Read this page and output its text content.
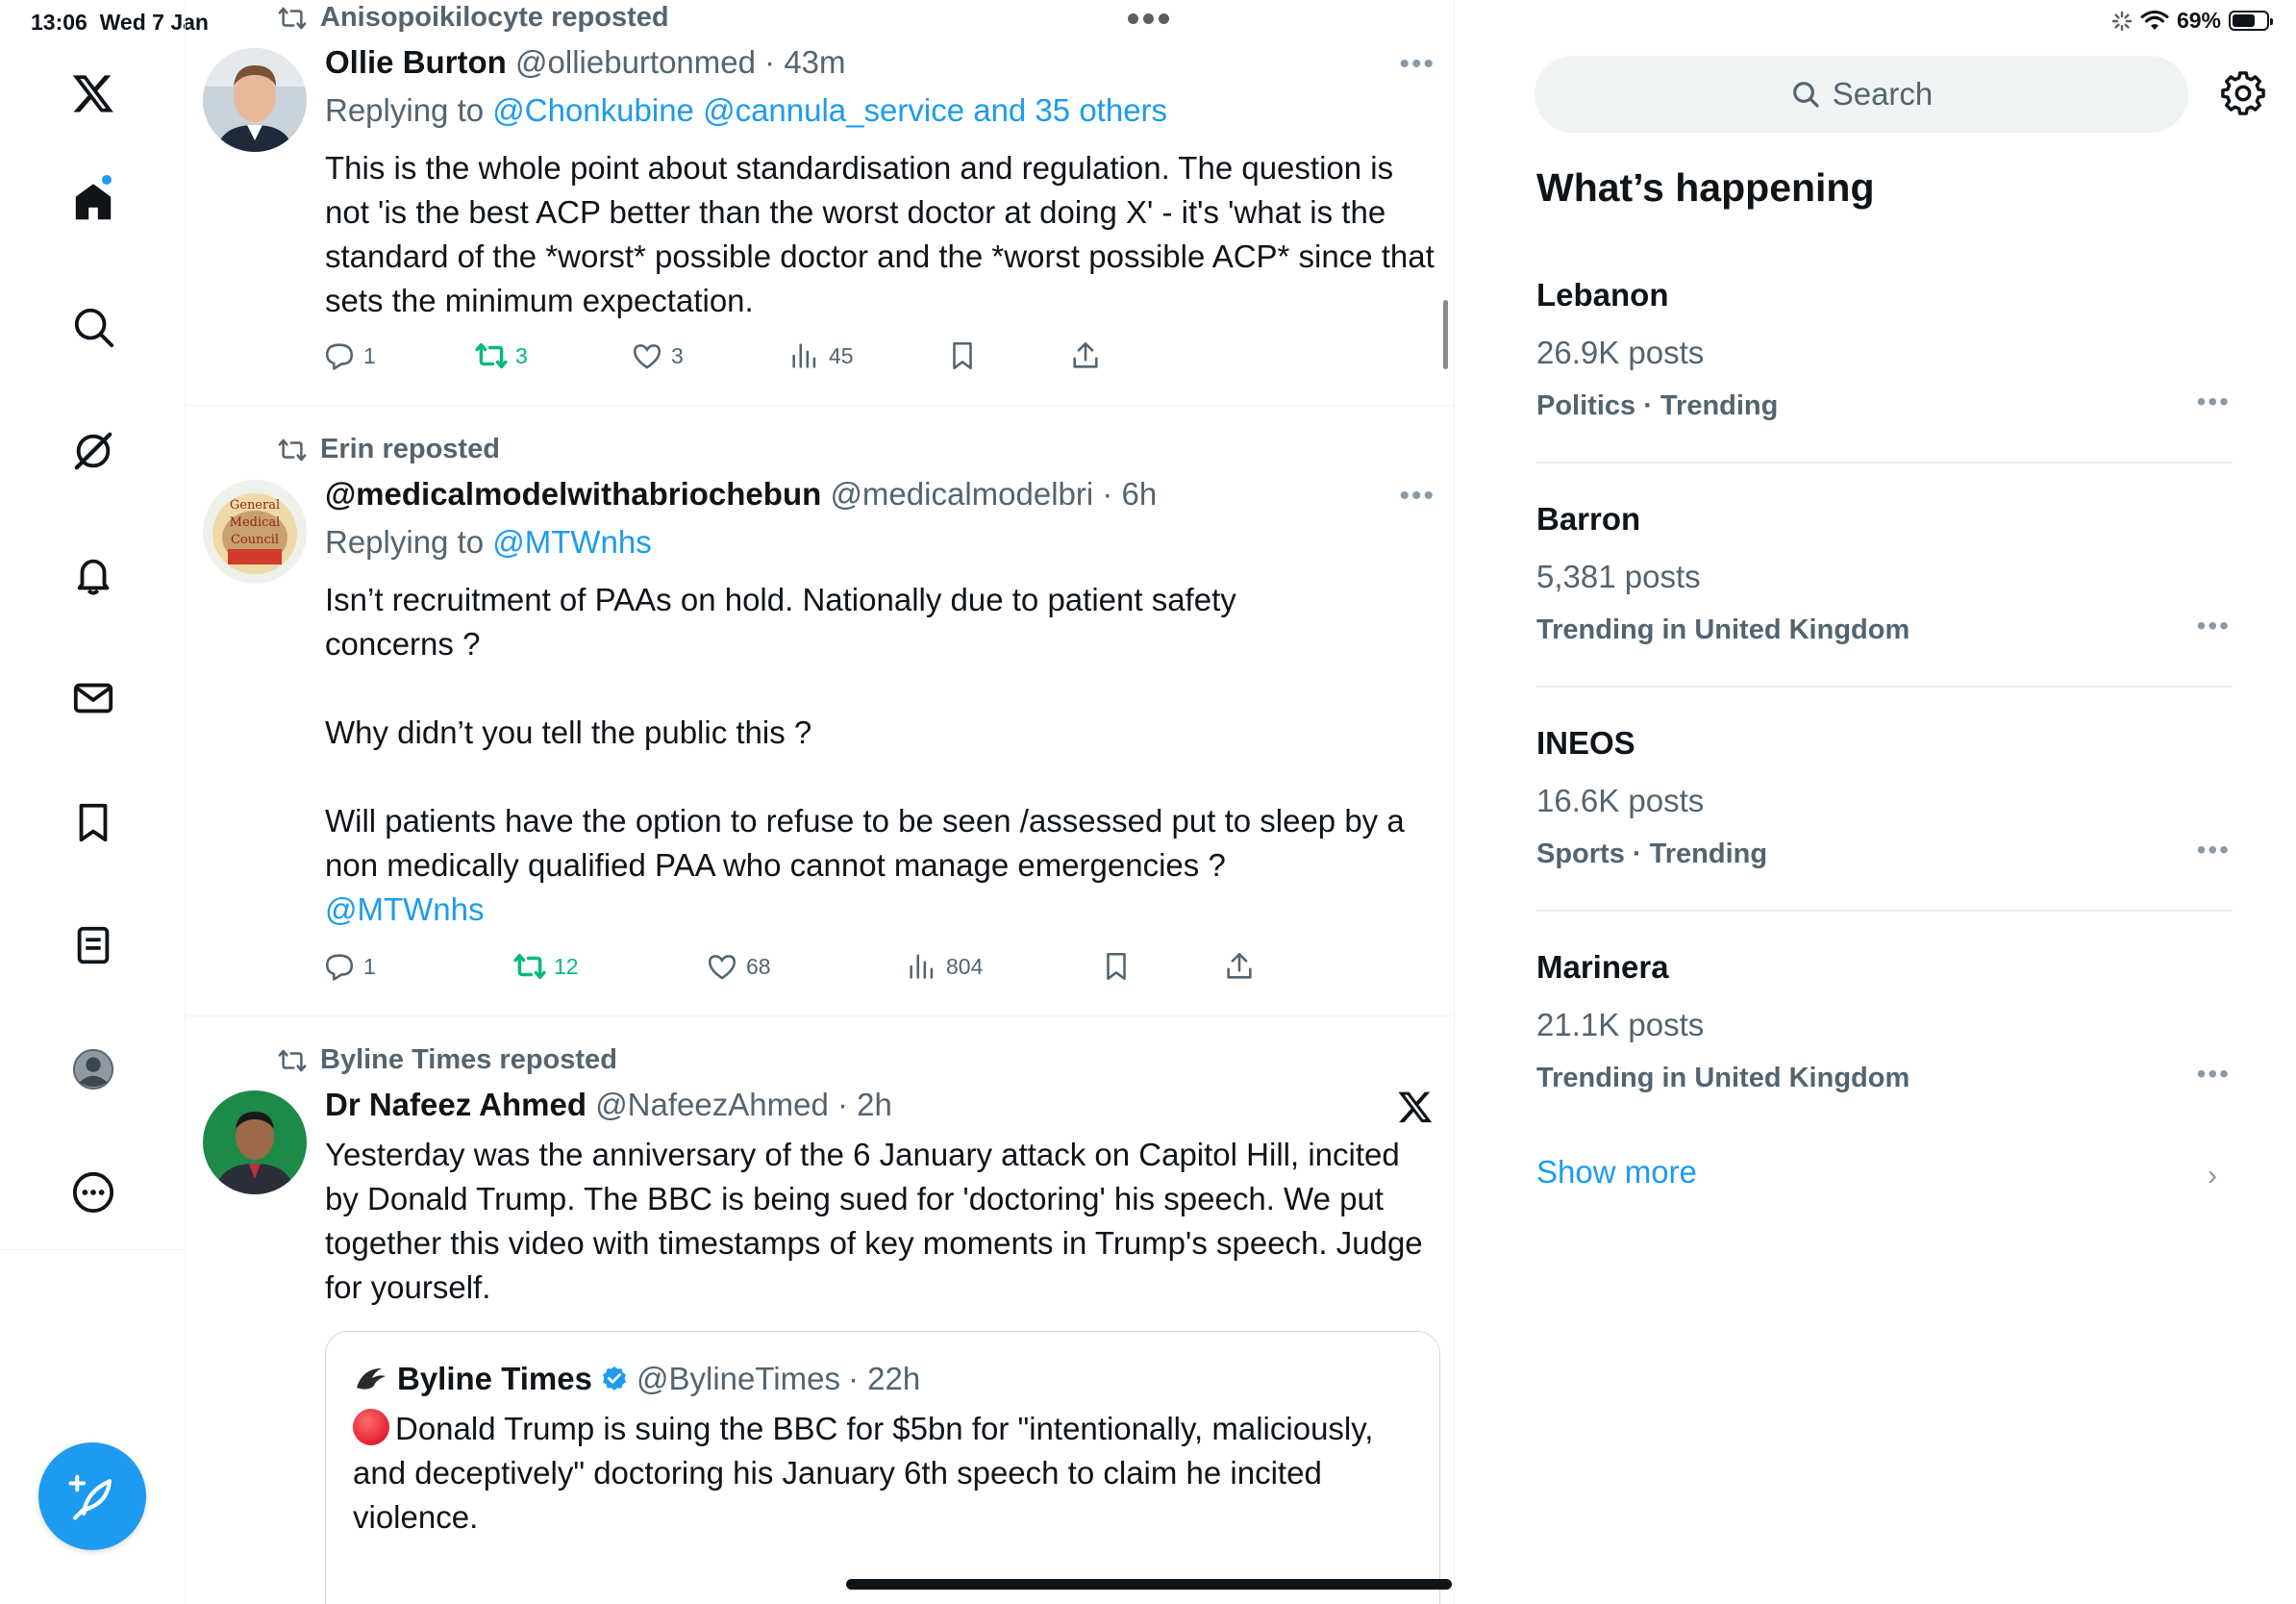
13:06 Wed 7 Jan	69%
Anisopoikilocyte reposted
Ollie Burton @ollieburtonmed · 43m	•••
Replying to @Chonkubine @cannula_service and 35 others
This is the whole point about standardisation and regulation. The question is not 'is the best ACP better than the worst doctor at doing X' - it's 'what is the standard of the *worst* possible doctor and the *worst possible ACP* since that sets the minimum expectation.
1	3	3	45
Erin reposted
General
Medical
Council
@medicalmodelwithabriochebun @medicalmodelbri · 6h	•••
Replying to @MTWnhs
Isn’t recruitment of PAAs on hold. Nationally due to patient safety concerns ?
Why didn’t you tell the public this ?
Will patients have the option to refuse to be seen /assessed put to sleep by a non medically qualified PAA who cannot manage emergencies ?
@MTWnhs
1	12	68	804
Byline Times reposted
Dr Nafeez Ahmed @NafeezAhmed · 2h
Yesterday was the anniversary of the 6 January attack on Capitol Hill, incited by Donald Trump. The BBC is being sued for 'doctoring' his speech. We put together this video with timestamps of key moments in Trump's speech. Judge for yourself.
Byline Times @BylineTimes · 22h
Donald Trump is suing the BBC for $5bn for "intentionally, maliciously, and deceptively" doctoring his January 6th speech to claim he incited violence.
Search
What’s happening
Lebanon
26.9K posts
Politics · Trending	•••
Barron
5,381 posts
Trending in United Kingdom	•••
INEOS
16.6K posts
Sports · Trending	•••
Marinera
21.1K posts
Trending in United Kingdom	•••
Show more	›
